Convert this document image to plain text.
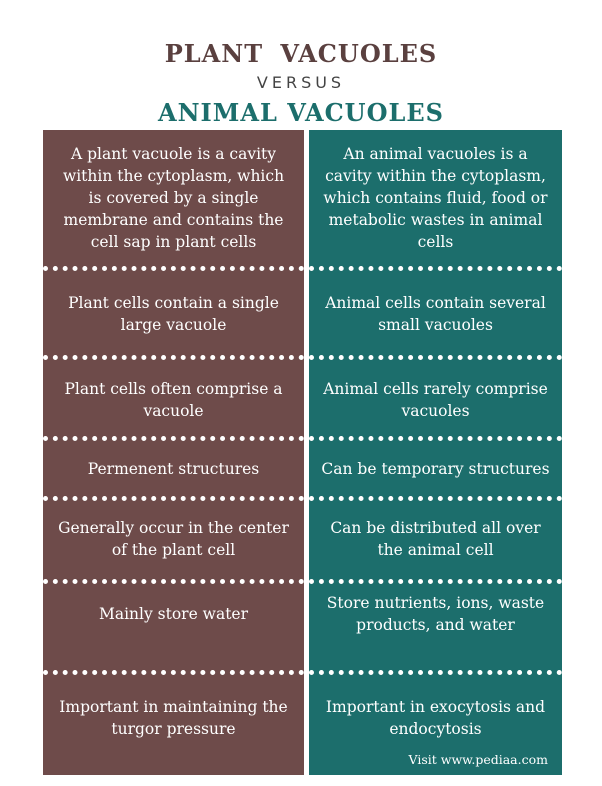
PLANT VACUOLES
VERSUS
ANIMAL VACUOLES
A plant vacuole is a cavity within the cytoplasm, which is covered by a single membrane and contains the cell sap in plant cells
Plant cells contain a single large vacuole
Plant cells often comprise a vacuole
Permenent structures
Generally occur in the center of the plant cell
Mainly store water
Important in maintaining the turgor pressure
An animal vacuoles is a cavity within the cytoplasm, which contains fluid, food or metabolic wastes in animal cells
Animal cells contain several small vacuoles
Animal cells rarely comprise vacuoles
Can be temporary structures
Can be distributed all over the animal cell
Store nutrients, ions, waste products, and water
Important in exocytosis and endocytosis
Visit www.pediaa.com
